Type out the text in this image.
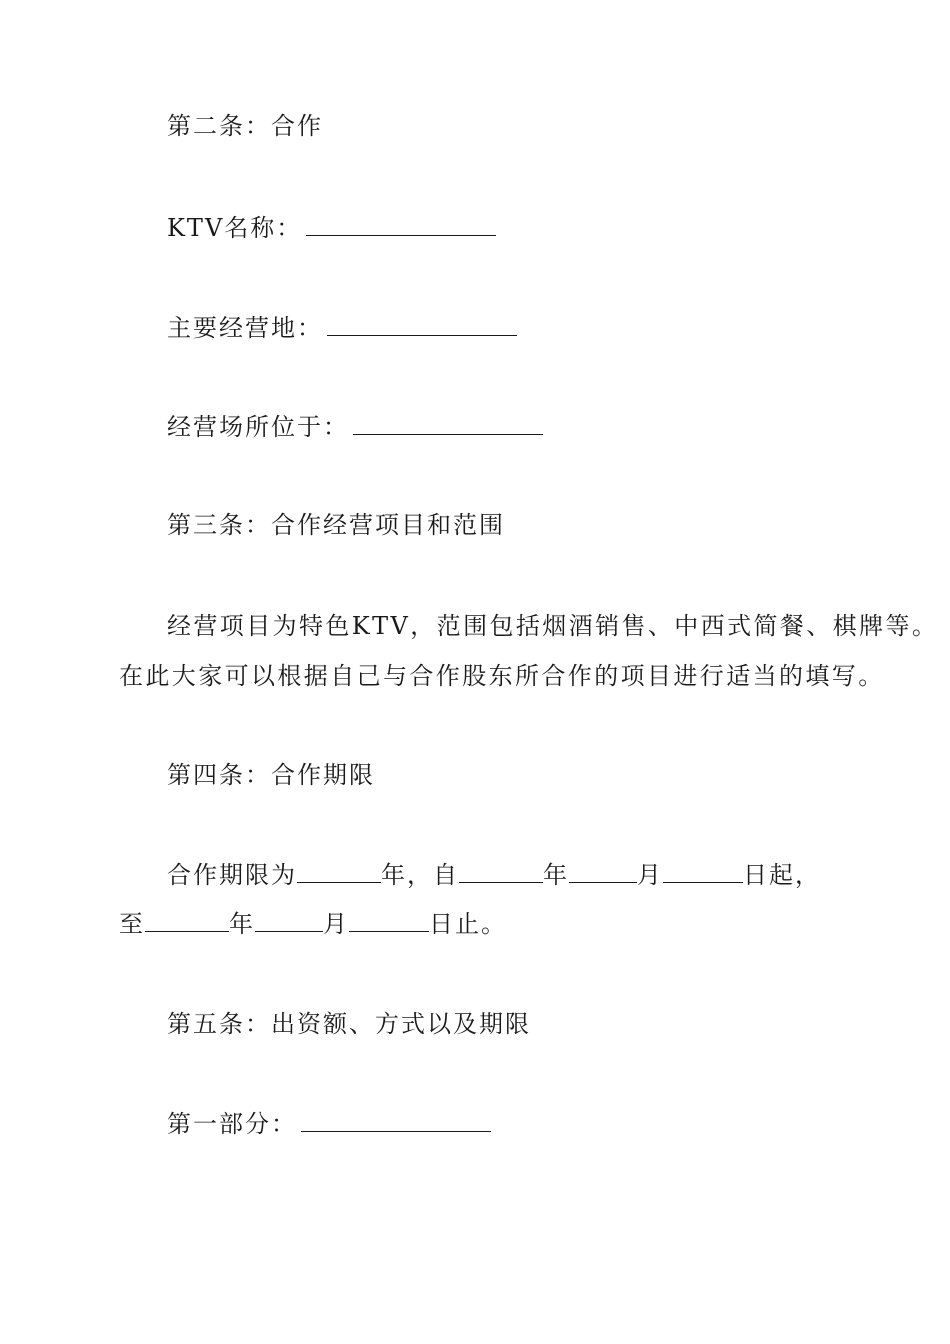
第二条：合作
KTV名称：
主要经营地：
经营场所位于：
第三条：合作经营项目和范围
经营项目为特色KTV，范围包括烟酒销售、中西式简餐、棋牌等。
在此大家可以根据自己与合作股东所合作的项目进行适当的填写。
第四条：合作期限
合作期限为	年，自	年	月	日起，
至	年	月	日止。
第五条：出资额、方式以及期限
第一部分：
